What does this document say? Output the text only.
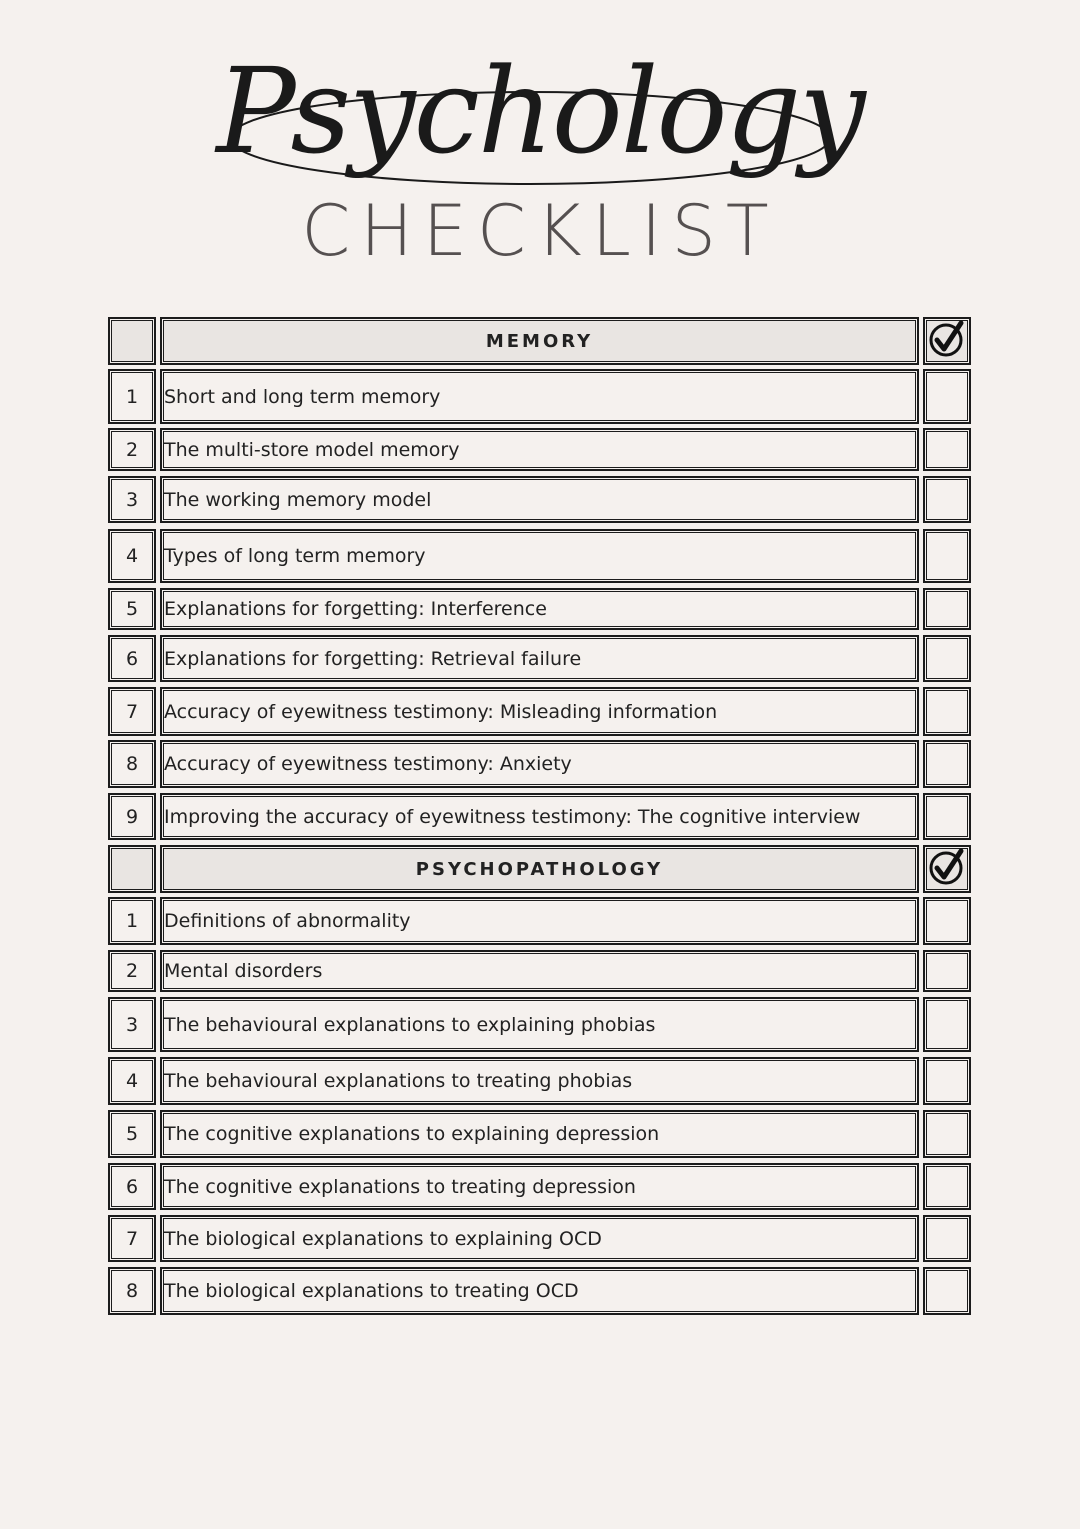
Psychology
CHECKLIST
MEMORY
1	Short and long term memory
2	The multi-store model memory
3	The working memory model
4	Types of long term memory
5	Explanations for forgetting: Interference
6	Explanations for forgetting: Retrieval failure
7	Accuracy of eyewitness testimony: Misleading information
8	Accuracy of eyewitness testimony: Anxiety
9	Improving the accuracy of eyewitness testimony: The cognitive interview
PSYCHOPATHOLOGY
1	Definitions of abnormality
2	Mental disorders
3	The behavioural explanations to explaining phobias
4	The behavioural explanations to treating phobias
5	The cognitive explanations to explaining depression
6	The cognitive explanations to treating depression
7	The biological explanations to explaining OCD
8	The biological explanations to treating OCD
